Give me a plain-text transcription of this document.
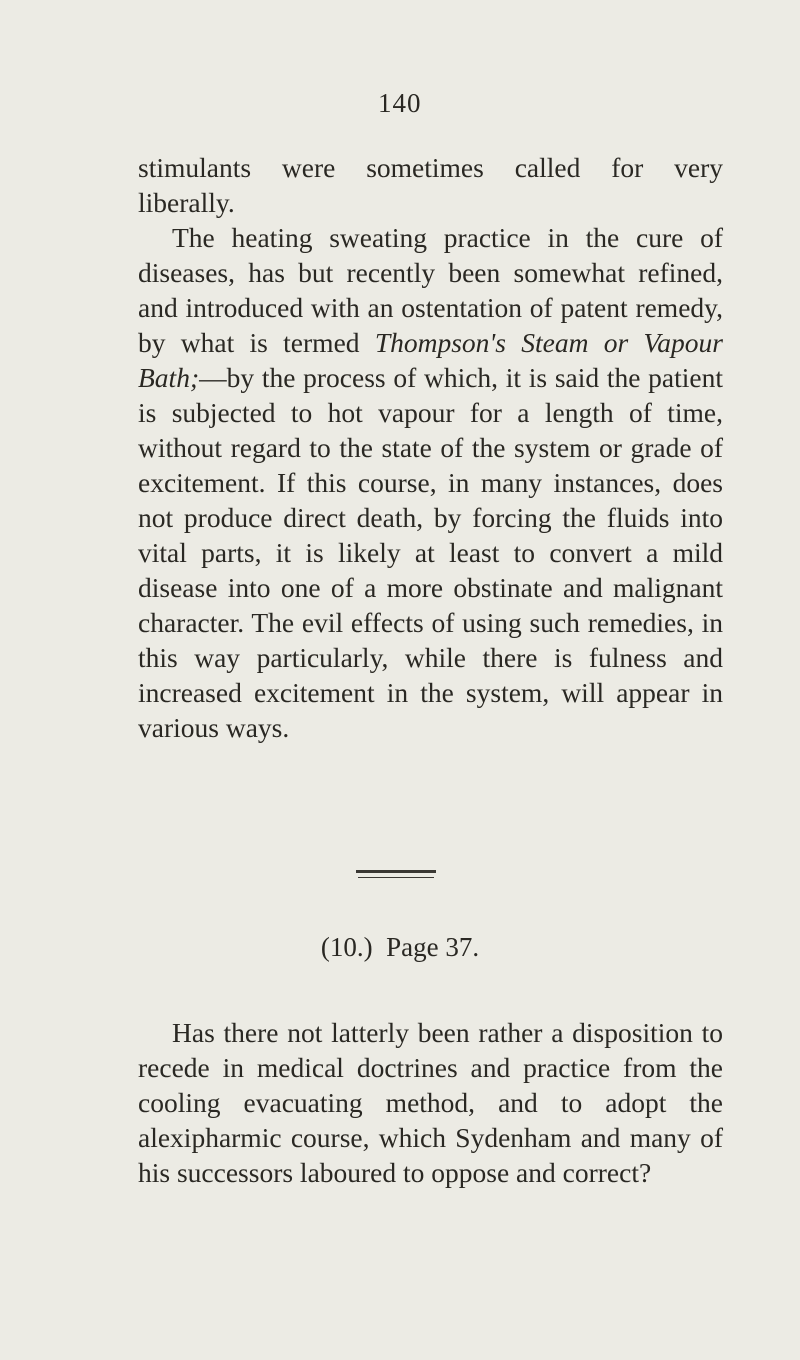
140

stimulants were sometimes called for very

liberally.

The heating sweating practice in the cure of diseases, has but recently been somewhat refined, and introduced with an ostentation of patent remedy, by what is termed Thompson's Steam or Vapour Bath;—by the process of which, it is said the patient is subjected to hot vapour for a length of time, without regard to the state of the system or grade of excitement. If this course, in many instances, does not produce direct death, by forcing the fluids into vital parts, it is likely at least to convert a mild disease into one of a more obstinate and malignant character. The evil effects of using such remedies, in this way particularly, while there is fulness and increased excitement in the system, will appear in various ways.

(10.)  Page 37.

Has there not latterly been rather a disposition to recede in medical doctrines and practice from the cooling evacuating method, and to adopt the alexipharmic course, which Sydenham and many of his successors laboured to oppose and correct?
